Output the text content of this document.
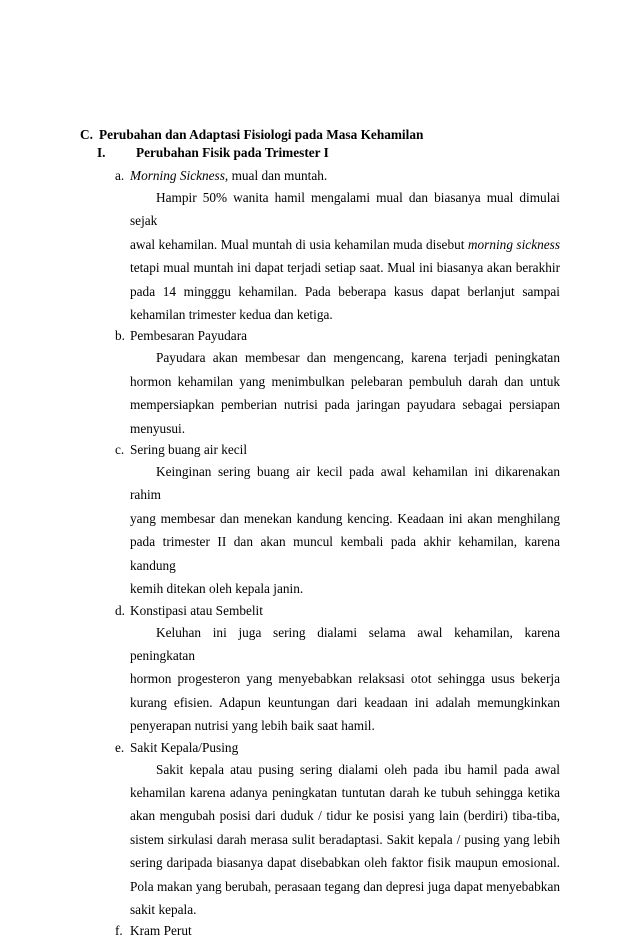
C. Perubahan dan Adaptasi Fisiologi pada Masa Kehamilan
I. Perubahan Fisik pada Trimester I
a. Morning Sickness, mual dan muntah.
Hampir 50% wanita hamil mengalami mual dan biasanya mual dimulai sejak
awal kehamilan. Mual muntah di usia kehamilan muda disebut morning sickness
tetapi mual muntah ini dapat terjadi setiap saat. Mual ini biasanya akan berakhir
pada 14 mingggu kehamilan. Pada beberapa kasus dapat berlanjut sampai
kehamilan trimester kedua dan ketiga.
b. Pembesaran Payudara
Payudara akan membesar dan mengencang, karena terjadi peningkatan
hormon kehamilan yang menimbulkan pelebaran pembuluh darah dan untuk
mempersiapkan pemberian nutrisi pada jaringan payudara sebagai persiapan
menyusui.
c. Sering buang air kecil
Keinginan sering buang air kecil pada awal kehamilan ini dikarenakan rahim
yang membesar dan menekan kandung kencing. Keadaan ini akan menghilang
pada trimester II dan akan muncul kembali pada akhir kehamilan, karena kandung
kemih ditekan oleh kepala janin.
d. Konstipasi atau Sembelit
Keluhan ini juga sering dialami selama awal kehamilan, karena peningkatan
hormon progesteron yang menyebabkan relaksasi otot sehingga usus bekerja
kurang efisien. Adapun keuntungan dari keadaan ini adalah memungkinkan
penyerapan nutrisi yang lebih baik saat hamil.
e. Sakit Kepala/Pusing
Sakit kepala atau pusing sering dialami oleh pada ibu hamil pada awal
kehamilan karena adanya peningkatan tuntutan darah ke tubuh sehingga ketika
akan mengubah posisi dari duduk / tidur ke posisi yang lain (berdiri) tiba-tiba,
sistem sirkulasi darah merasa sulit beradaptasi. Sakit kepala / pusing yang lebih
sering daripada biasanya dapat disebabkan oleh faktor fisik maupun emosional.
Pola makan yang berubah, perasaan tegang dan depresi juga dapat menyebabkan
sakit kepala.
f. Kram Perut
